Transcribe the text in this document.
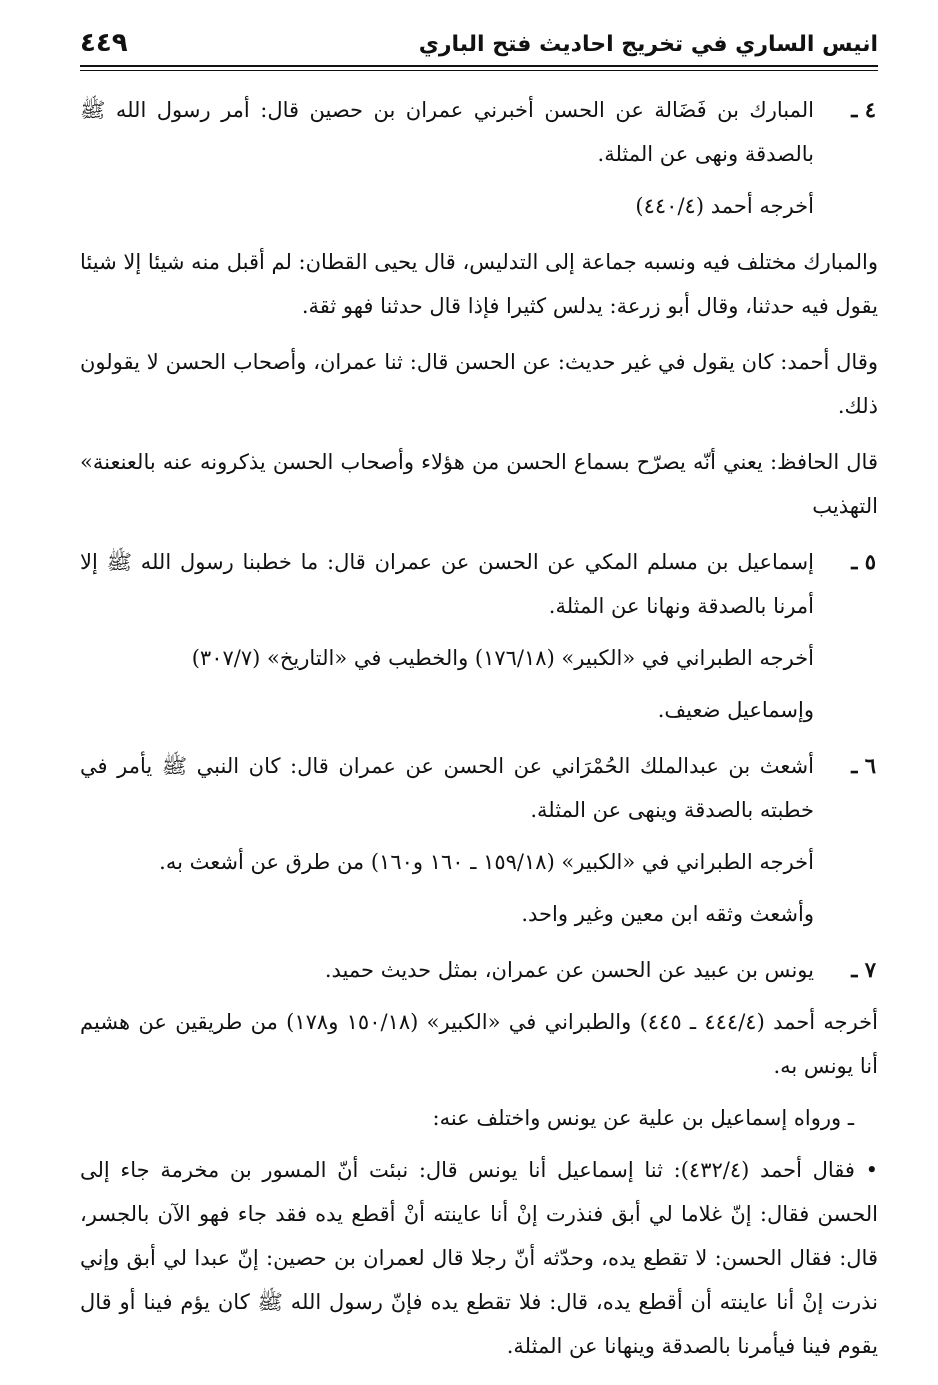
انيس الساري في تخريج احاديث فتح الباري
٤٤٩
٤ ـ
المبارك بن فَضَالة عن الحسن أخبرني عمران بن حصين قال: أمر رسول الله ﷺ بالصدقة ونهى عن المثلة.
أخرجه أحمد (٤٤٠/٤)
والمبارك مختلف فيه ونسبه جماعة إلى التدليس، قال يحيى القطان: لم أقبل منه شيئا إلا شيئا يقول فيه حدثنا، وقال أبو زرعة: يدلس كثيرا فإذا قال حدثنا فهو ثقة.
وقال أحمد: كان يقول في غير حديث: عن الحسن قال: ثنا عمران، وأصحاب الحسن لا يقولون ذلك.
قال الحافظ: يعني أنّه يصرّح بسماع الحسن من هؤلاء وأصحاب الحسن يذكرونه عنه بالعنعنة» التهذيب
٥ ـ
إسماعيل بن مسلم المكي عن الحسن عن عمران قال: ما خطبنا رسول الله ﷺ إلا أمرنا بالصدقة ونهانا عن المثلة.
أخرجه الطبراني في «الكبير» (١٧٦/١٨) والخطيب في «التاريخ» (٣٠٧/٧)
وإسماعيل ضعيف.
٦ ـ
أشعث بن عبدالملك الحُمْرَاني عن الحسن عن عمران قال: كان النبي ﷺ يأمر في خطبته بالصدقة وينهى عن المثلة.
أخرجه الطبراني في «الكبير» (١٥٩/١٨ ـ ١٦٠ و١٦٠) من طرق عن أشعث به.
وأشعث وثقه ابن معين وغير واحد.
٧ ـ
يونس بن عبيد عن الحسن عن عمران، بمثل حديث حميد.
أخرجه أحمد (٤٤٤/٤ ـ ٤٤٥) والطبراني في «الكبير» (١٥٠/١٨ و١٧٨) من طريقين عن هشيم أنا يونس به.
ـ ورواه إسماعيل بن علية عن يونس واختلف عنه:
• فقال أحمد (٤٣٢/٤): ثنا إسماعيل أنا يونس قال: نبئت أنّ المسور بن مخرمة جاء إلى الحسن فقال: إنّ غلاما لي أبق فنذرت إنْ أنا عاينته أنْ أقطع يده فقد جاء فهو الآن بالجسر، قال: فقال الحسن: لا تقطع يده، وحدّثه أنّ رجلا قال لعمران بن حصين: إنّ عبدا لي أبق وإني نذرت إنْ أنا عاينته أن أقطع يده، قال: فلا تقطع يده فإنّ رسول الله ﷺ كان يؤم فينا أو قال يقوم فينا فيأمرنا بالصدقة وينهانا عن المثلة.
